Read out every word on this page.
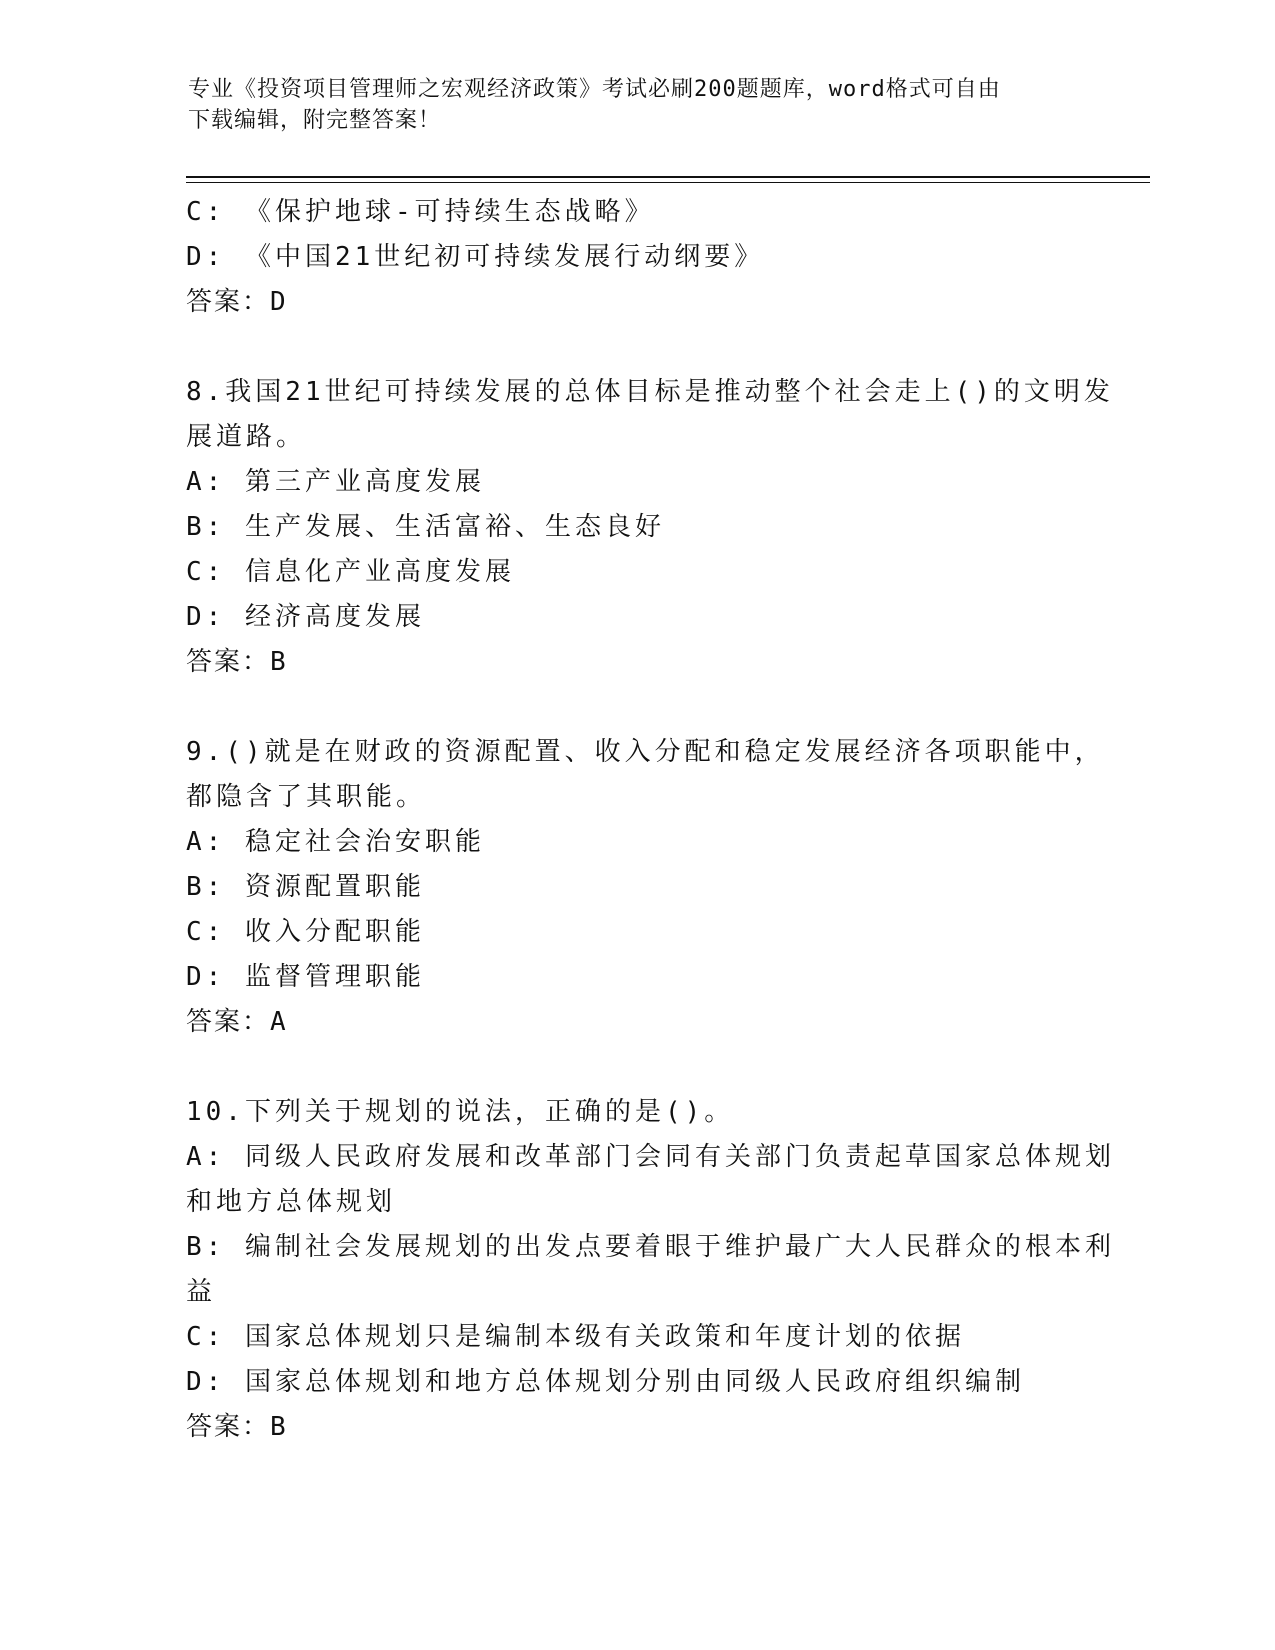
专业《投资项目管理师之宏观经济政策》考试必刷200题题库，word格式可自由
下载编辑，附完整答案！
C: 《保护地球-可持续生态战略》
D: 《中国21世纪初可持续发展行动纲要》
答案：D
8.我国21世纪可持续发展的总体目标是推动整个社会走上()的文明发
展道路。
A: 第三产业高度发展
B: 生产发展、生活富裕、生态良好
C: 信息化产业高度发展
D: 经济高度发展
答案：B
9.()就是在财政的资源配置、收入分配和稳定发展经济各项职能中，
都隐含了其职能。
A: 稳定社会治安职能
B: 资源配置职能
C: 收入分配职能
D: 监督管理职能
答案：A
10.下列关于规划的说法，正确的是()。
A: 同级人民政府发展和改革部门会同有关部门负责起草国家总体规划
和地方总体规划
B: 编制社会发展规划的出发点要着眼于维护最广大人民群众的根本利
益
C: 国家总体规划只是编制本级有关政策和年度计划的依据
D: 国家总体规划和地方总体规划分别由同级人民政府组织编制
答案：B
